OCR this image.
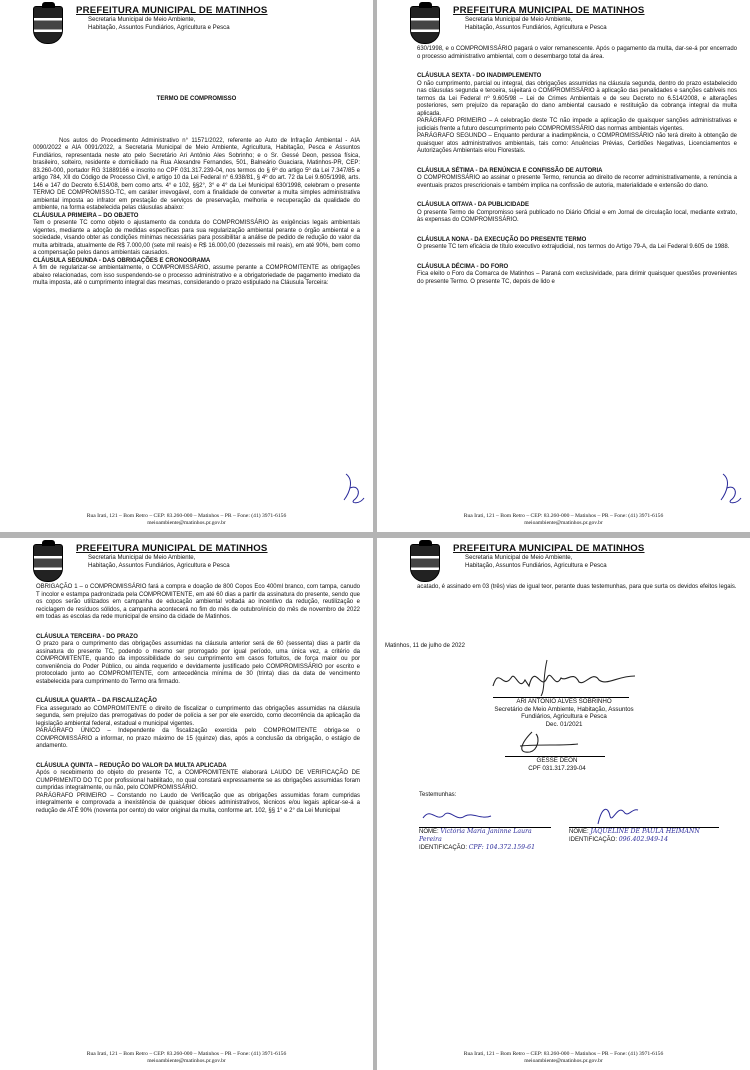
PREFEITURA MUNICIPAL DE MATINHOS
Secretaria Municipal de Meio Ambiente,
Habitação, Assuntos Fundiários, Agricultura e Pesca

TERMO DE COMPROMISSO

Nos autos do Procedimento Administrativo n° 11571/2022, referente ao Auto de Infração Ambiental - AIA 0090/2022 e AIA 0091/2022, a Secretaria Municipal de Meio Ambiente, Agricultura, Habitação, Pesca e Assuntos Fundiários, representada neste ato pelo Secretário Ari Antônio Ales Sobrinho; e o Sr. Gessé Deon, pessoa física, brasileiro, solteiro, residente e domiciliado na Rua Alexandre Fernandes, 501, Balneário Guaciara, Matinhos-PR, CEP: 83.260-000, portador RG 31889166 e inscrito no CPF 031.317.239-04, nos termos do § 6º do artigo 5º da Lei 7.347/85 e artigo 784, XII do Código de Processo Civil, e artigo 10 da Lei Federal n° 6.938/81, § 4º do art. 72 da Lei 9.605/1998, arts. 146 e 147 do Decreto 6.514/08, bem como arts. 4° e 102, §§2°, 3° e 4° da Lei Municipal 630/1998, celebram o presente TERMO DE COMPROMISSO-TC, em caráter irrevogável, com a finalidade de converter a multa simples administrativa ambiental imposta ao infrator em prestação de serviços de preservação, melhoria e recuperação da qualidade do ambiente, na forma estabelecida pelas cláusulas abaixo:

CLÁUSULA PRIMEIRA – DO OBJETO

Tem o presente TC como objeto o ajustamento da conduta do COMPROMISSÁRIO às exigências legais ambientais vigentes, mediante a adoção de medidas específicas para sua regularização ambiental perante o órgão ambiental e a sociedade, visando obter as condições mínimas necessárias para possibilitar a análise de pedido de redução do valor da multa arbitrada, atualmente de R$ 7.000,00 (sete mil reais) e R$ 16.000,00 (dezesseis mil reais), em até 90%, bem como a compensação pelos danos ambientais causados.

CLÁUSULA SEGUNDA - DAS OBRIGAÇÕES E CRONOGRAMA

A fim de regularizar-se ambientalmente, o COMPROMISSÁRIO, assume perante a COMPROMITENTE as obrigações abaixo relacionadas, com isso suspendendo-se o processo administrativo e a obrigatoriedade de pagamento imediato da multa imposta, até o cumprimento integral das mesmas, considerando o prazo estipulado na Cláusula Terceira:

Rua Irati, 121 – Bom Retro – CEP: 83.260-000 – Matinhos – PR – Fone: (41) 3971-6156
meioambiente@matinhos.pr.gov.br
PREFEITURA MUNICIPAL DE MATINHOS
Secretaria Municipal de Meio Ambiente,
Habitação, Assuntos Fundiários, Agricultura e Pesca

630/1998, e o COMPROMISSÁRIO pagará o valor remanescente. Após o pagamento da multa, dar-se-á por encerrado o processo administrativo ambiental, com o desembargo total da área.

CLÁUSULA SEXTA - DO INADIMPLEMENTO

O não cumprimento, parcial ou integral, das obrigações assumidas na cláusula segunda, dentro do prazo estabelecido nas cláusulas segunda e terceira, sujeitará o COMPROMISSÁRIO à aplicação das penalidades e sanções cabíveis nos termos da Lei Federal nº 9.605/98 – Lei de Crimes Ambientais e de seu Decreto no 6.514/2008, e alterações posteriores, sem prejuízo da reparação do dano ambiental causado e restituição da cobrança integral da multa aplicada.

PARÁGRAFO PRIMEIRO – A celebração deste TC não impede a aplicação de quaisquer sanções administrativas e judiciais frente a futuro descumprimento pelo COMPROMISSÁRIO das normas ambientais vigentes.

PARÁGRAFO SEGUNDO – Enquanto perdurar a inadimplência, o COMPROMISSÁRIO não terá direito à obtenção de quaisquer atos administrativos ambientais, tais como: Anuências Prévias, Certidões Negativas, Licenciamentos e Autorizações Ambientais e/ou Florestais.

CLÁUSULA SÉTIMA - DA RENÚNCIA E CONFISSÃO DE AUTORIA

O COMPROMISSÁRIO ao assinar o presente Termo, renuncia ao direito de recorrer administrativamente, a renúncia a eventuais prazos prescricionais e também implica na confissão de autoria, materialidade e extensão do dano.

CLÁUSULA OITAVA - DA PUBLICIDADE

O presente Termo de Compromisso será publicado no Diário Oficial e em Jornal de circulação local, mediante extrato, às expensas do COMPROMISSÁRIO.

CLÁUSULA NONA - DA EXECUÇÃO DO PRESENTE TERMO

O presente TC tem eficácia de título executivo extrajudicial, nos termos do Artigo 79-A, da Lei Federal 9.605 de 1988.

CLÁUSULA DÉCIMA - DO FORO

Fica eleito o Foro da Comarca de Matinhos – Paraná com exclusividade, para dirimir quaisquer questões provenientes do presente Termo. O presente TC, depois de lido e

Rua Irati, 121 – Bom Retro – CEP: 83.260-000 – Matinhos – PR – Fone: (41) 3971-6156
meioambiente@matinhos.pr.gov.br
PREFEITURA MUNICIPAL DE MATINHOS
Secretaria Municipal de Meio Ambiente,
Habitação, Assuntos Fundiários, Agricultura e Pesca

OBRIGAÇÃO 1 – o COMPROMISSÁRIO fará a compra e doação de 800 Copos Eco 400ml branco, com tampa, canudo T incolor e estampa padronizada pela COMPROMITENTE, em até 60 dias a partir da assinatura do presente, sendo que os copos serão utilizados em campanha de educação ambiental voltada ao incentivo da redução, reutilização e reciclagem de resíduos sólidos, a campanha acontecerá no fim do mês de outubro/início do mês de novembro de 2022 em todas as escolas da rede municipal de ensino da cidade de Matinhos.

CLÁUSULA TERCEIRA - DO PRAZO

O prazo para o cumprimento das obrigações assumidas na cláusula anterior será de 60 (sessenta) dias a partir da assinatura do presente TC, podendo o mesmo ser prorrogado por igual período, uma única vez, a critério da COMPROMITENTE, quando da impossibilidade do seu cumprimento em casos fortuitos, de força maior ou por conveniência do Poder Público, ou ainda requerido e devidamente justificado pelo COMPROMISSÁRIO por escrito e protocolado junto ao COMPROMITENTE, com antecedência mínima de 30 (trinta) dias da data de vencimento estabelecida para cumprimento do Termo ora firmado.

CLÁUSULA QUARTA – DA FISCALIZAÇÃO

Fica assegurado ao COMPROMITENTE o direito de fiscalizar o cumprimento das obrigações assumidas na cláusula segunda, sem prejuízo das prerrogativas do poder de polícia a ser por ele exercido, como decorrência da aplicação da legislação ambiental federal, estadual e municipal vigentes.

PARÁGRAFO ÚNICO – Independente da fiscalização exercida pelo COMPROMITENTE obriga-se o COMPROMISSÁRIO a informar, no prazo máximo de 15 (quinze) dias, após a conclusão da obrigação, o estágio de andamento.

CLÁUSULA QUINTA – REDUÇÃO DO VALOR DA MULTA APLICADA

Após o recebimento do objeto do presente TC, a COMPROMITENTE elaborará LAUDO DE VERIFICAÇÃO DE CUMPRIMENTO DO TC por profissional habilitado, no qual constará expressamente se as obrigações assumidas foram cumpridas integralmente, ou não, pelo COMPROMISSÁRIO.

PARÁGRAFO PRIMEIRO – Constando no Laudo de Verificação que as obrigações assumidas foram cumpridas integralmente e comprovada a inexistência de quaisquer óbices administrativos, técnicos e/ou legais aplicar-se-á a redução de ATÉ 90% (noventa por cento) do valor original da multa, conforme art. 102, §§ 1° e 2° da Lei Municipal

Rua Irati, 121 – Bom Retro – CEP: 83.260-000 – Matinhos – PR – Fone: (41) 3971-6156
meioambiente@matinhos.pr.gov.br
PREFEITURA MUNICIPAL DE MATINHOS
Secretaria Municipal de Meio Ambiente,
Habitação, Assuntos Fundiários, Agricultura e Pesca

acatado, é assinado em 03 (três) vias de igual teor, perante duas testemunhas, para que surta os devidos efeitos legais.

Matinhos, 11 de julho de 2022
ARI ANTONIO ALVES SOBRINHO
Secretário de Meio Ambiente, Habitação, Assuntos
Fundiários, Agricultura e Pesca
Dec. 01/2021
GESSE DEON
CPF 031.317.239-04
Testemunhas:
NOME: Victória Maria Janinne Laura Pereira
IDENTIFICAÇÃO: CPF: 104.372.159-61
NOME: JAQUELINE DE PAULA HEIMANN
IDENTIFICAÇÃO: 096.402.949-14
Rua Irati, 121 – Bom Retro – CEP: 83.260-000 – Matinhos – PR – Fone: (41) 3971-6156
meioambiente@matinhos.pr.gov.br
